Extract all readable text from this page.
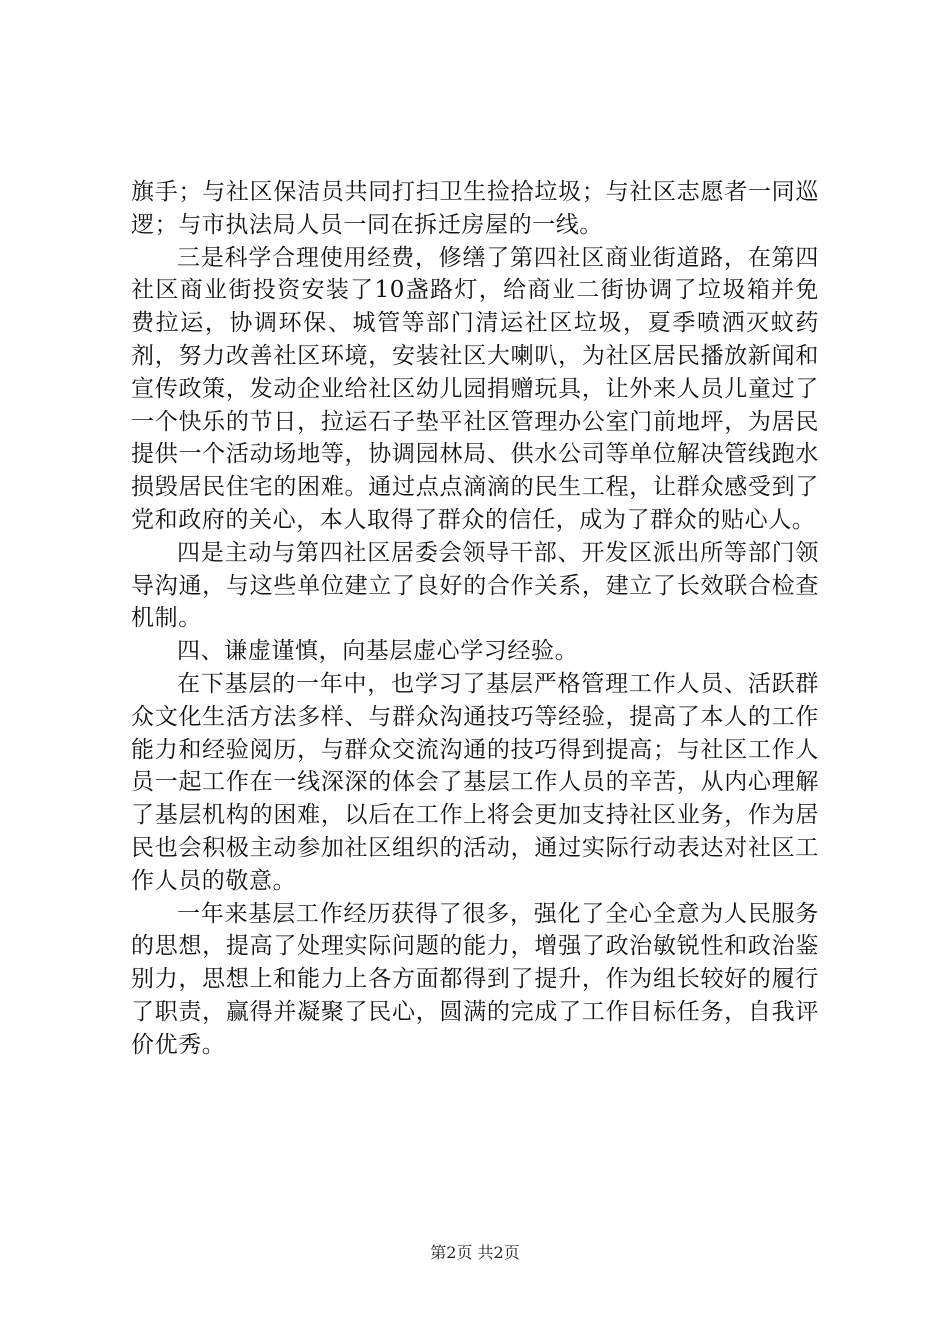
旗手；与社区保洁员共同打扫卫生捡拾垃圾；与社区志愿者一同巡逻；与市执法局人员一同在拆迁房屋的一线。

三是科学合理使用经费，修缮了第四社区商业街道路，在第四社区商业街投资安装了10盏路灯，给商业二街协调了垃圾箱并免费拉运，协调环保、城管等部门清运社区垃圾，夏季喷洒灭蚊药剂，努力改善社区环境，安装社区大喇叭，为社区居民播放新闻和宣传政策，发动企业给社区幼儿园捐赠玩具，让外来人员儿童过了一个快乐的节日，拉运石子垫平社区管理办公室门前地坪，为居民提供一个活动场地等，协调园林局、供水公司等单位解决管线跑水损毁居民住宅的困难。通过点点滴滴的民生工程，让群众感受到了党和政府的关心，本人取得了群众的信任，成为了群众的贴心人。

四是主动与第四社区居委会领导干部、开发区派出所等部门领导沟通，与这些单位建立了良好的合作关系，建立了长效联合检查机制。

四、谦虚谨慎，向基层虚心学习经验。

在下基层的一年中，也学习了基层严格管理工作人员、活跃群众文化生活方法多样、与群众沟通技巧等经验，提高了本人的工作能力和经验阅历，与群众交流沟通的技巧得到提高；与社区工作人员一起工作在一线深深的体会了基层工作人员的辛苦，从内心理解了基层机构的困难，以后在工作上将会更加支持社区业务，作为居民也会积极主动参加社区组织的活动，通过实际行动表达对社区工作人员的敬意。

一年来基层工作经历获得了很多，强化了全心全意为人民服务的思想，提高了处理实际问题的能力，增强了政治敏锐性和政治鉴别力，思想上和能力上各方面都得到了提升，作为组长较好的履行了职责，赢得并凝聚了民心，圆满的完成了工作目标任务，自我评价优秀。

第2页 共2页
